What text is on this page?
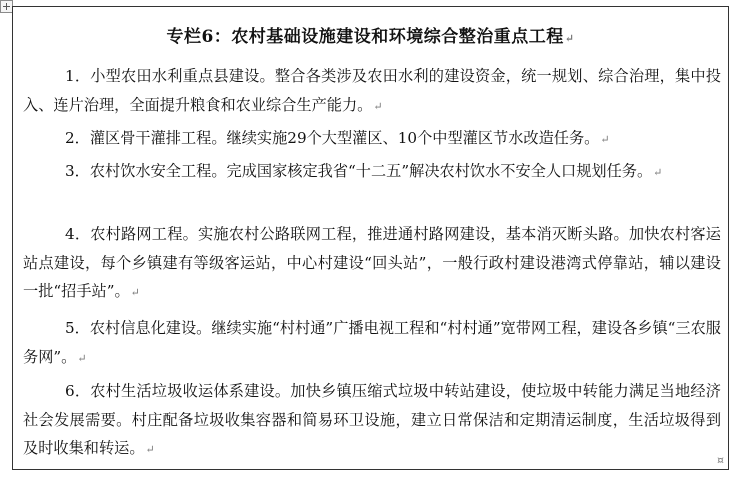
专栏6：农村基础设施建设和环境综合整治重点工程↵
1．小型农田水利重点县建设。整合各类涉及农田水利的建设资金，统一规划、综合治理，集中投入、连片治理，全面提升粮食和农业综合生产能力。↵
2．灌区骨干灌排工程。继续实施29个大型灌区、10个中型灌区节水改造任务。↵
3．农村饮水安全工程。完成国家核定我省“十二五”解决农村饮水不安全人口规划任务。↵
4．农村路网工程。实施农村公路联网工程，推进通村路网建设，基本消灭断头路。加快农村客运站点建设，每个乡镇建有等级客运站，中心村建设“回头站”，一般行政村建设港湾式停靠站，辅以建设一批“招手站”。↵
5．农村信息化建设。继续实施“村村通”广播电视工程和“村村通”宽带网工程，建设各乡镇“三农服务网”。↵
6．农村生活垃圾收运体系建设。加快乡镇压缩式垃圾中转站建设，使垃圾中转能力满足当地经济社会发展需要。村庄配备垃圾收集容器和简易环卫设施，建立日常保洁和定期清运制度，生活垃圾得到及时收集和转运。↵
¤
